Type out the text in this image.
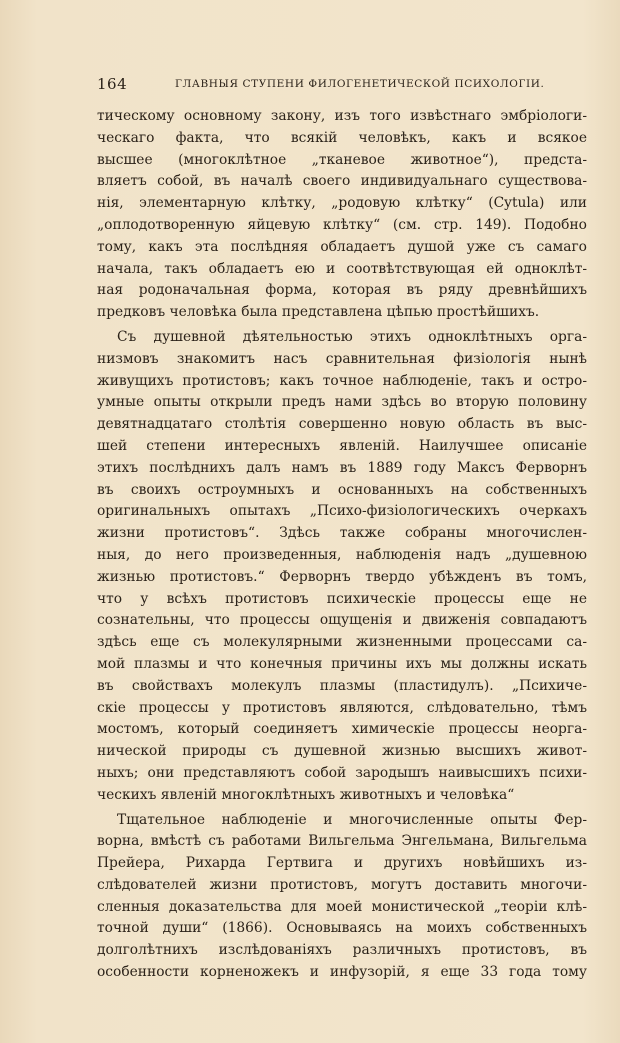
164	ГЛАВНЫЯ СТУПЕНИ ФИЛОГЕНЕТИЧЕСКОЙ ПСИХОЛОГІИ.
тическому основному закону, изъ того извѣстнаго эмбріологи-
ческаго факта, что всякій человѣкъ, какъ и всякое
высшее (многоклѣтное „тканевое животное“), предста-
вляетъ собой, въ началѣ своего индивидуальнаго существова-
нія, элементарную клѣтку, „родовую клѣтку“ (Cytula) или
„оплодотворенную яйцевую клѣтку“ (см. стр. 149). Подобно
тому, какъ эта послѣдняя обладаетъ душой уже съ самаго
начала, такъ обладаетъ ею и соотвѣтствующая ей одноклѣт-
ная родоначальная форма, которая въ ряду древнѣйшихъ
предковъ человѣка была представлена цѣпью простѣйшихъ.
Съ душевной дѣятельностью этихъ одноклѣтныхъ орга-
низмовъ знакомитъ насъ сравнительная физіологія нынѣ
живущихъ протистовъ; какъ точное наблюденіе, такъ и остро-
умные опыты открыли предъ нами здѣсь во вторую половину
девятнадцатаго столѣтія совершенно новую область въ выс-
шей степени интересныхъ явленій. Наилучшее описаніе
этихъ послѣднихъ далъ намъ въ 1889 году Максъ Ферворнъ
въ своихъ остроумныхъ и основанныхъ на собственныхъ
оригинальныхъ опытахъ „Психо-физіологическихъ очеркахъ
жизни протистовъ“. Здѣсь также собраны многочислен-
ныя, до него произведенныя, наблюденія надъ „душевною
жизнью протистовъ.“ Ферворнъ твердо убѣжденъ въ томъ,
что у всѣхъ протистовъ психическіе процессы еще не
сознательны, что процессы ощущенія и движенія совпадаютъ
здѣсь еще съ молекулярными жизненными процессами са-
мой плазмы и что конечныя причины ихъ мы должны искать
въ свойствахъ молекулъ плазмы (пластидулъ). „Психиче-
скіе процессы у протистовъ являются, слѣдовательно, тѣмъ
мостомъ, который соединяетъ химическіе процессы неорга-
нической природы съ душевной жизнью высшихъ живот-
ныхъ; они представляютъ собой зародышъ наивысшихъ психи-
ческихъ явленій многоклѣтныхъ животныхъ и человѣка“
Тщательное наблюденіе и многочисленные опыты Фер-
ворна, вмѣстѣ съ работами Вильгельма Энгельмана, Вильгельма
Прейера, Рихарда Гертвига и другихъ новѣйшихъ из-
слѣдователей жизни протистовъ, могутъ доставить многочи-
сленныя доказательства для моей монистической „теоріи клѣ-
точной души“ (1866). Основываясь на моихъ собственныхъ
долголѣтнихъ изслѣдованіяхъ различныхъ протистовъ, въ
особенности корненожекъ и инфузорій, я еще 33 года тому
